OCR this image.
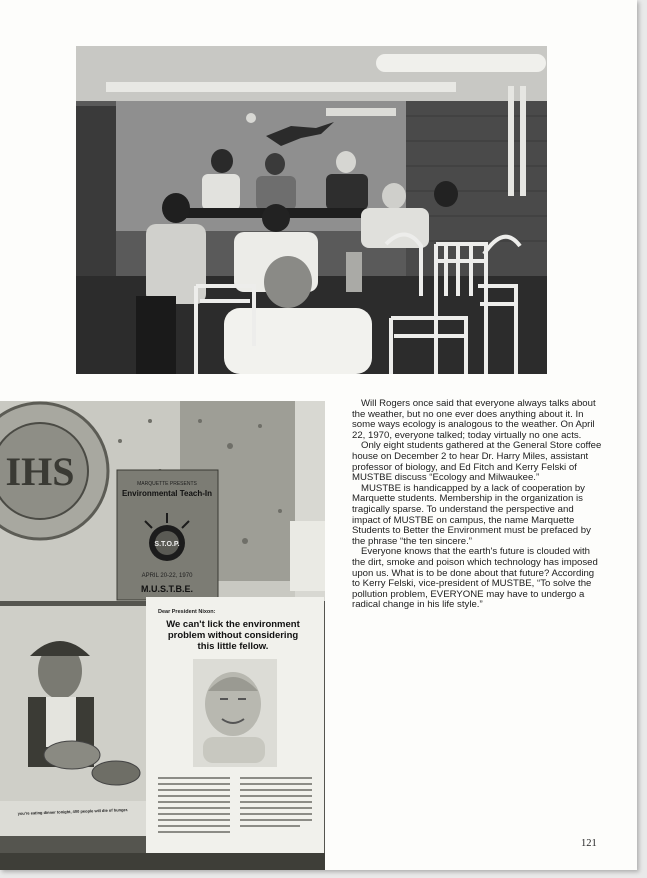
IHS	MARQUETTE PRESENTS
Environmental Teach-In
S.T.O.P.
APRIL 20-22, 1970
M.U.S.T.B.E.
you're eating dinner tonight, 400 people will die of hunger.
Dear President Nixon:
We can't lick the environment
problem without considering
this little fellow.

Will Rogers once said that everyone always talks about the weather, but no one ever does anything about it. In some ways ecology is analogous to the weather. On April 22, 1970, everyone talked; today virtually no one acts.

Only eight students gathered at the General Store coffee house on December 2 to hear Dr. Harry Miles, assistant professor of biology, and Ed Fitch and Kerry Felski of MUSTBE discuss “Ecology and Milwaukee.”

MUSTBE is handicapped by a lack of cooperation by Marquette students. Membership in the organization is tragically sparse. To understand the perspective and impact of MUSTBE on campus, the name Marquette Students to Better the Environment must be prefaced by the phrase “the ten sincere.”

Everyone knows that the earth's future is clouded with the dirt, smoke and poison which technology has imposed upon us. What is to be done about that future? According to Kerry Felski, vice-president of MUSTBE, “To solve the pollution problem, EVERYONE may have to undergo a radical change in his life style.”

121
